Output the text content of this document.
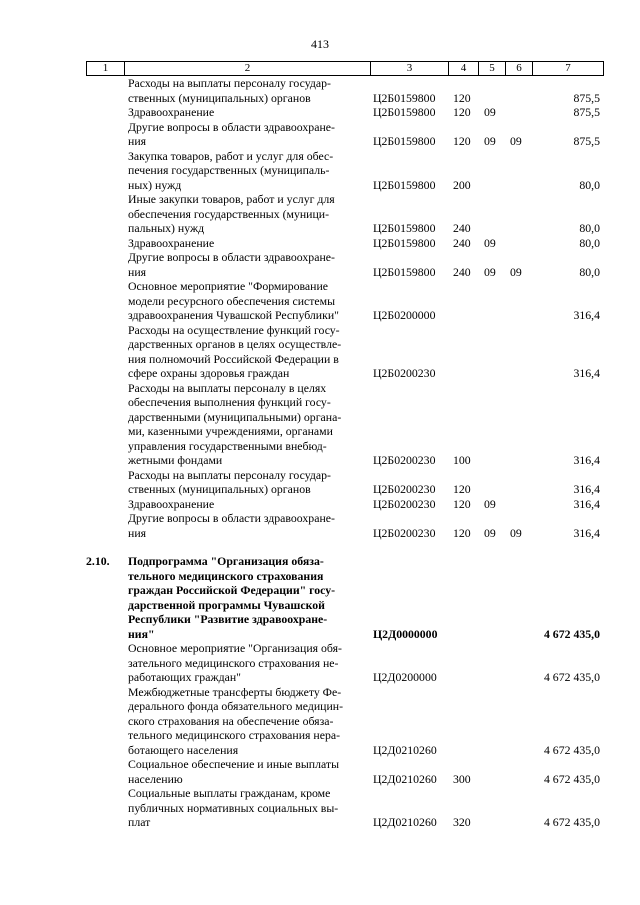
413
1	2	3	4	5	6	7
Расходы на выплаты персоналу государ-
ственных (муниципальных) органов	Ц2Б0159800 120	875,5
Здравоохранение	Ц2Б0159800 120 09	875,5
Другие вопросы в области здравоохране-
ния	Ц2Б0159800 120 09 09	875,5
Закупка товаров, работ и услуг для обес-
печения государственных (муниципаль-
ных) нужд	Ц2Б0159800 200	80,0
Иные закупки товаров, работ и услуг для
обеспечения государственных (муници-
пальных) нужд	Ц2Б0159800 240	80,0
Здравоохранение	Ц2Б0159800 240 09	80,0
Другие вопросы в области здравоохране-
ния	Ц2Б0159800 240 09 09	80,0
Основное мероприятие "Формирование
модели ресурсного обеспечения системы
здравоохранения Чувашской Республики"	Ц2Б0200000	316,4
Расходы на осуществление функций госу-
дарственных органов в целях осуществле-
ния полномочий Российской Федерации в
сфере охраны здоровья граждан	Ц2Б0200230	316,4
Расходы на выплаты персоналу в целях
обеспечения выполнения функций госу-
дарственными (муниципальными) органа-
ми, казенными учреждениями, органами
управления государственными внебюд-
жетными фондами	Ц2Б0200230 100	316,4
Расходы на выплаты персоналу государ-
ственных (муниципальных) органов	Ц2Б0200230 120	316,4
Здравоохранение	Ц2Б0200230 120 09	316,4
Другие вопросы в области здравоохране-
ния	Ц2Б0200230 120 09 09	316,4
2.10.	Подпрограмма "Организация обяза-
тельного медицинского страхования
граждан Российской Федерации" госу-
дарственной программы Чувашской
Республики "Развитие здравоохране-
ния"	Ц2Д0000000	4 672 435,0
Основное мероприятие "Организация обя-
зательного медицинского страхования не-
работающих граждан"	Ц2Д0200000	4 672 435,0
Межбюджетные трансферты бюджету Фе-
дерального фонда обязательного медицин-
ского страхования на обеспечение обяза-
тельного медицинского страхования нера-
ботающего населения	Ц2Д0210260	4 672 435,0
Социальное обеспечение и иные выплаты
населению	Ц2Д0210260 300	4 672 435,0
Социальные выплаты гражданам, кроме
публичных нормативных социальных вы-
плат	Ц2Д0210260 320	4 672 435,0
